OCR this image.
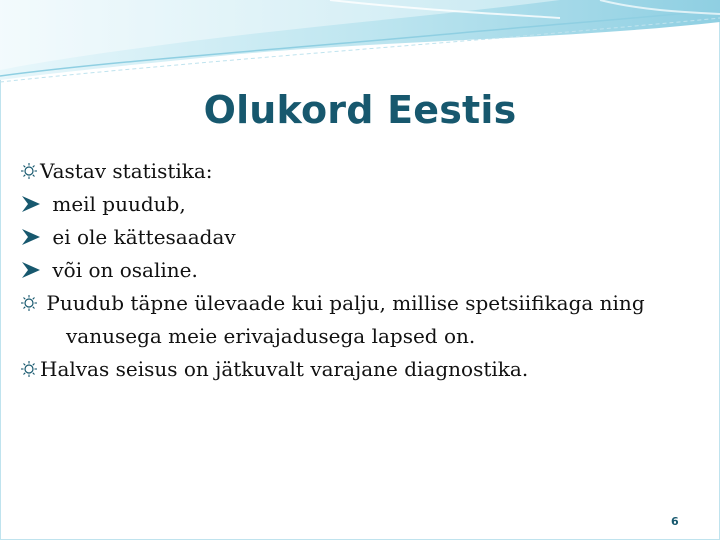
Olukord Eestis
Vastav statistika:
meil puudub,
ei ole kättesaadav
või on osaline.
Puudub täpne ülevaade kui palju, millise spetsiifikaga ning vanusega meie erivajadusega lapsed on.
Halvas seisus on jätkuvalt varajane diagnostika.
6
